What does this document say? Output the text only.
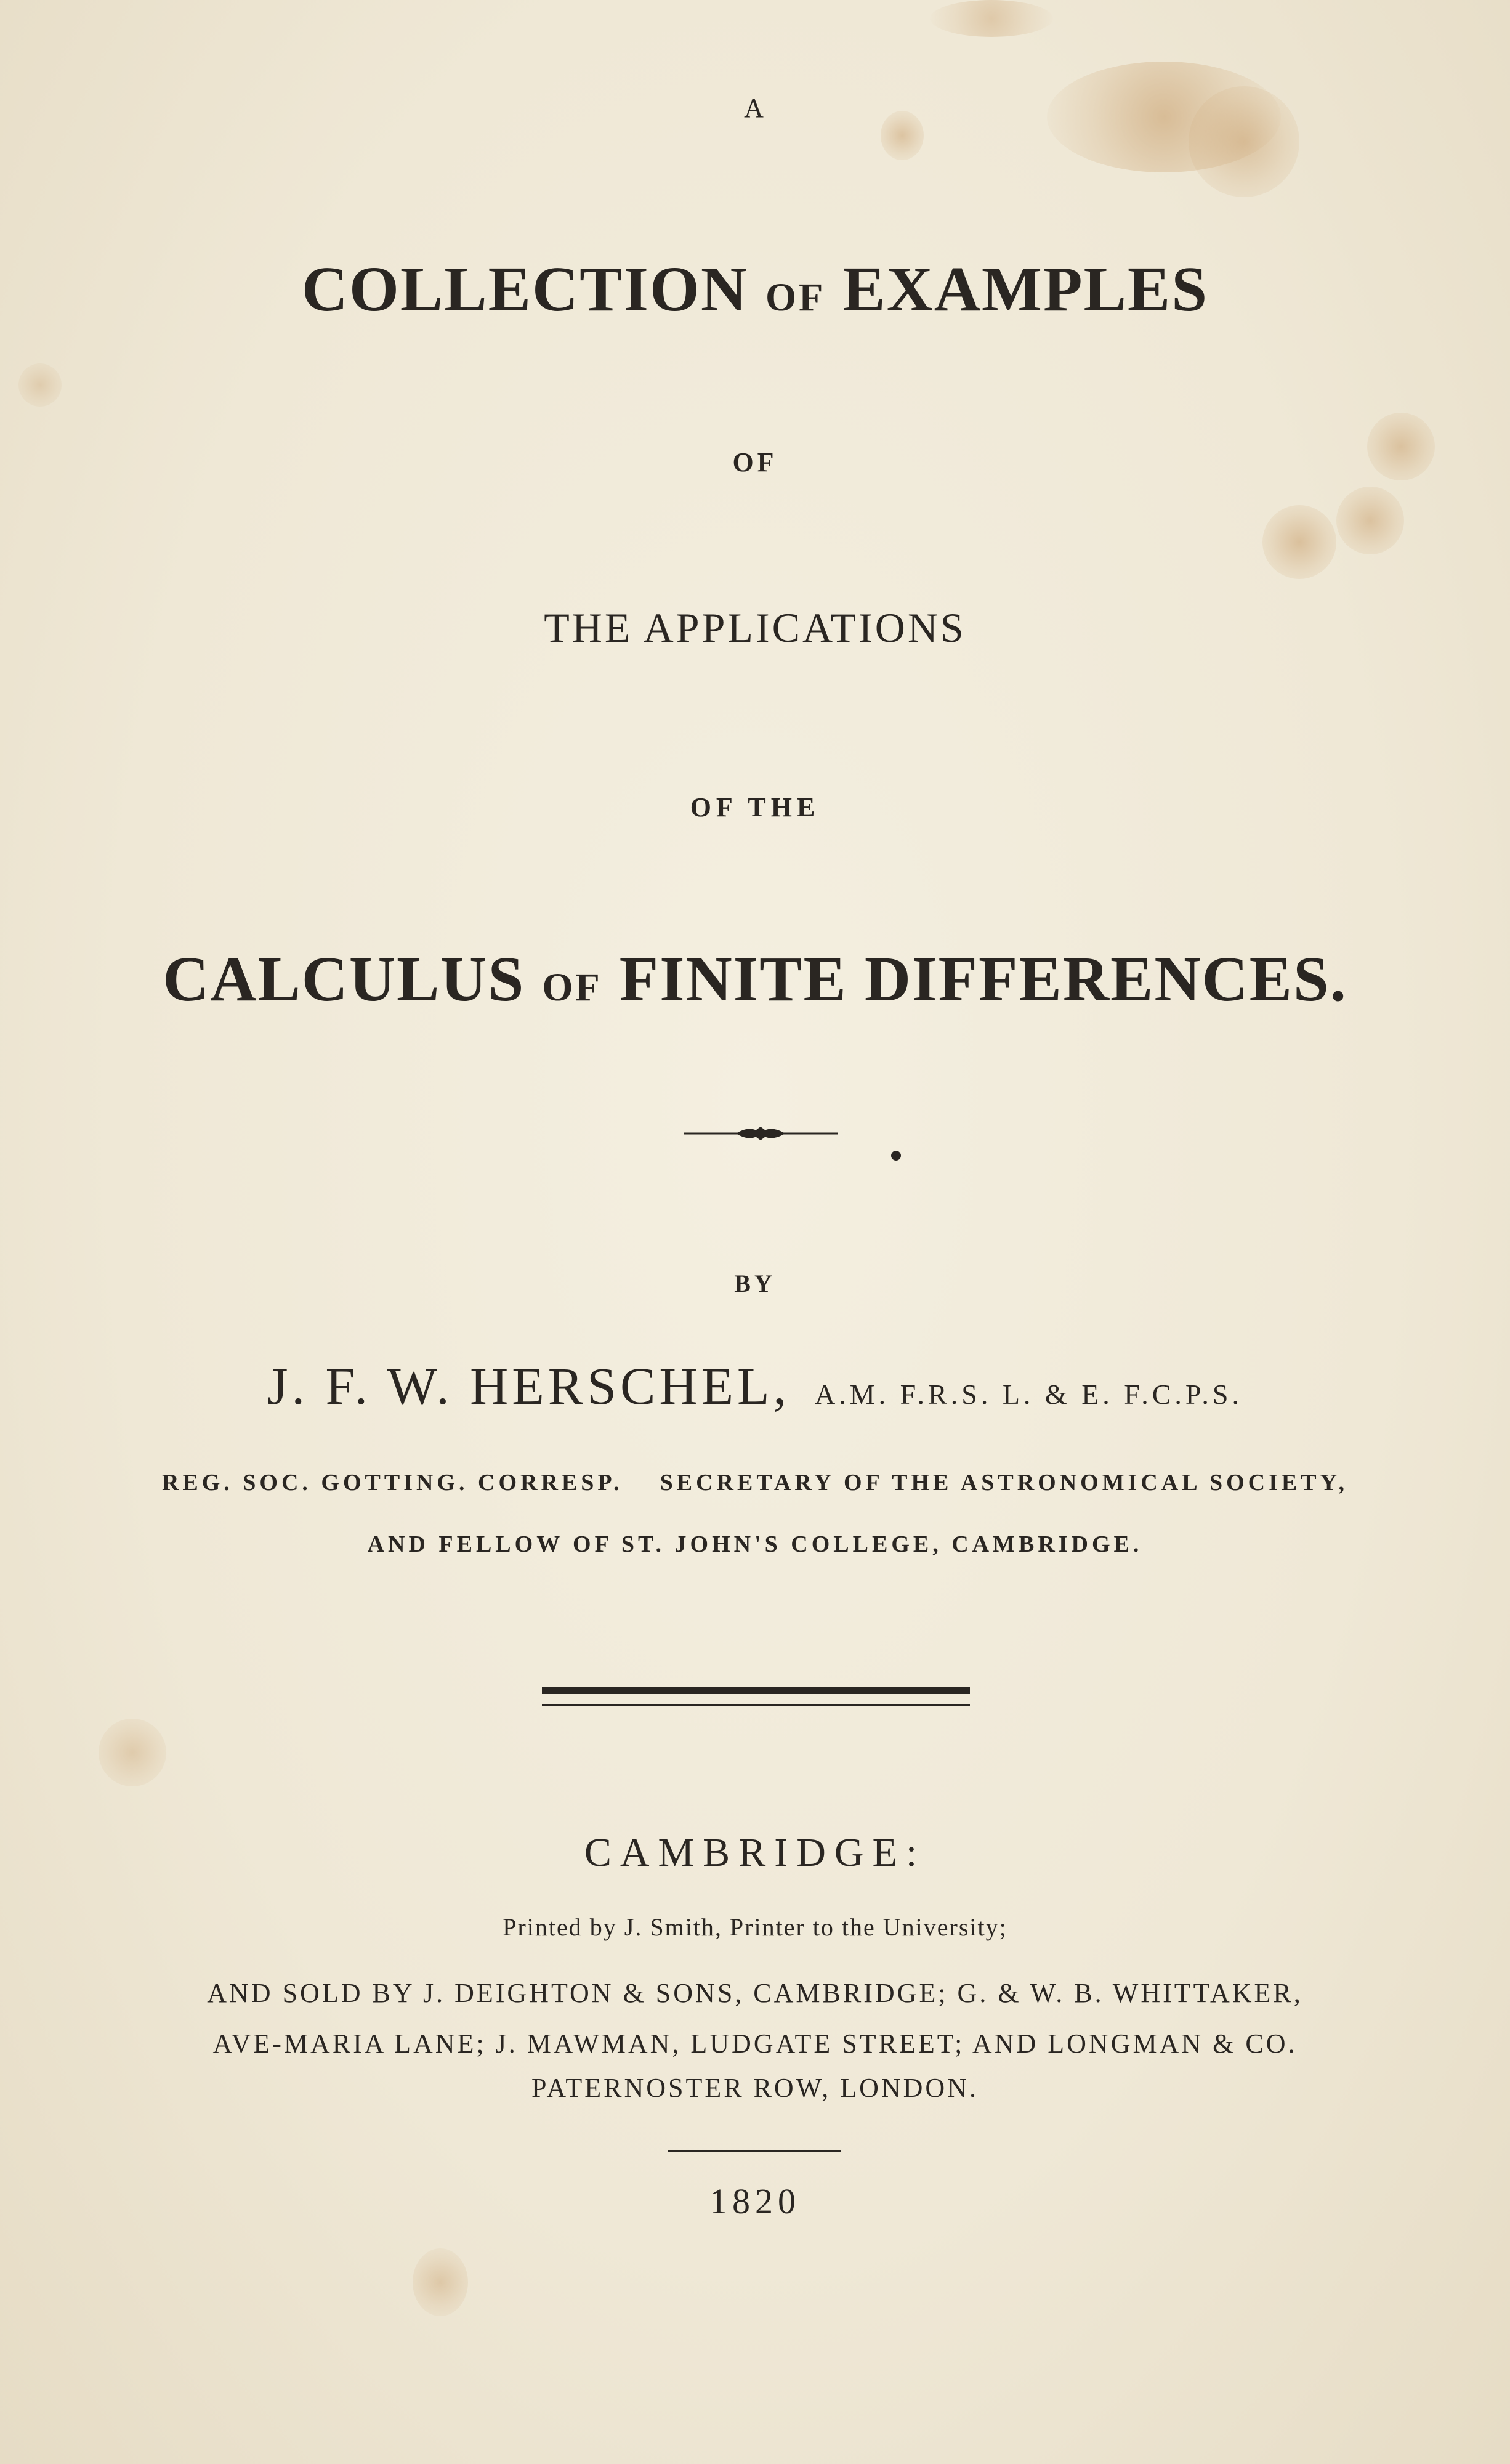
A
COLLECTION OF EXAMPLES
OF
THE APPLICATIONS
OF THE
CALCULUS OF FINITE DIFFERENCES.
BY
J. F. W. HERSCHEL, A.M. F.R.S. L. & E. F.C.P.S.
REG. SOC. GOTTING. CORRESP. SECRETARY OF THE ASTRONOMICAL SOCIETY,
AND FELLOW OF ST. JOHN'S COLLEGE, CAMBRIDGE.
CAMBRIDGE:
Printed by J. Smith, Printer to the University;
AND SOLD BY J. DEIGHTON & SONS, CAMBRIDGE; G. & W. B. WHITTAKER,
AVE-MARIA LANE; J. MAWMAN, LUDGATE STREET; AND LONGMAN & CO.
PATERNOSTER ROW, LONDON.
1820
